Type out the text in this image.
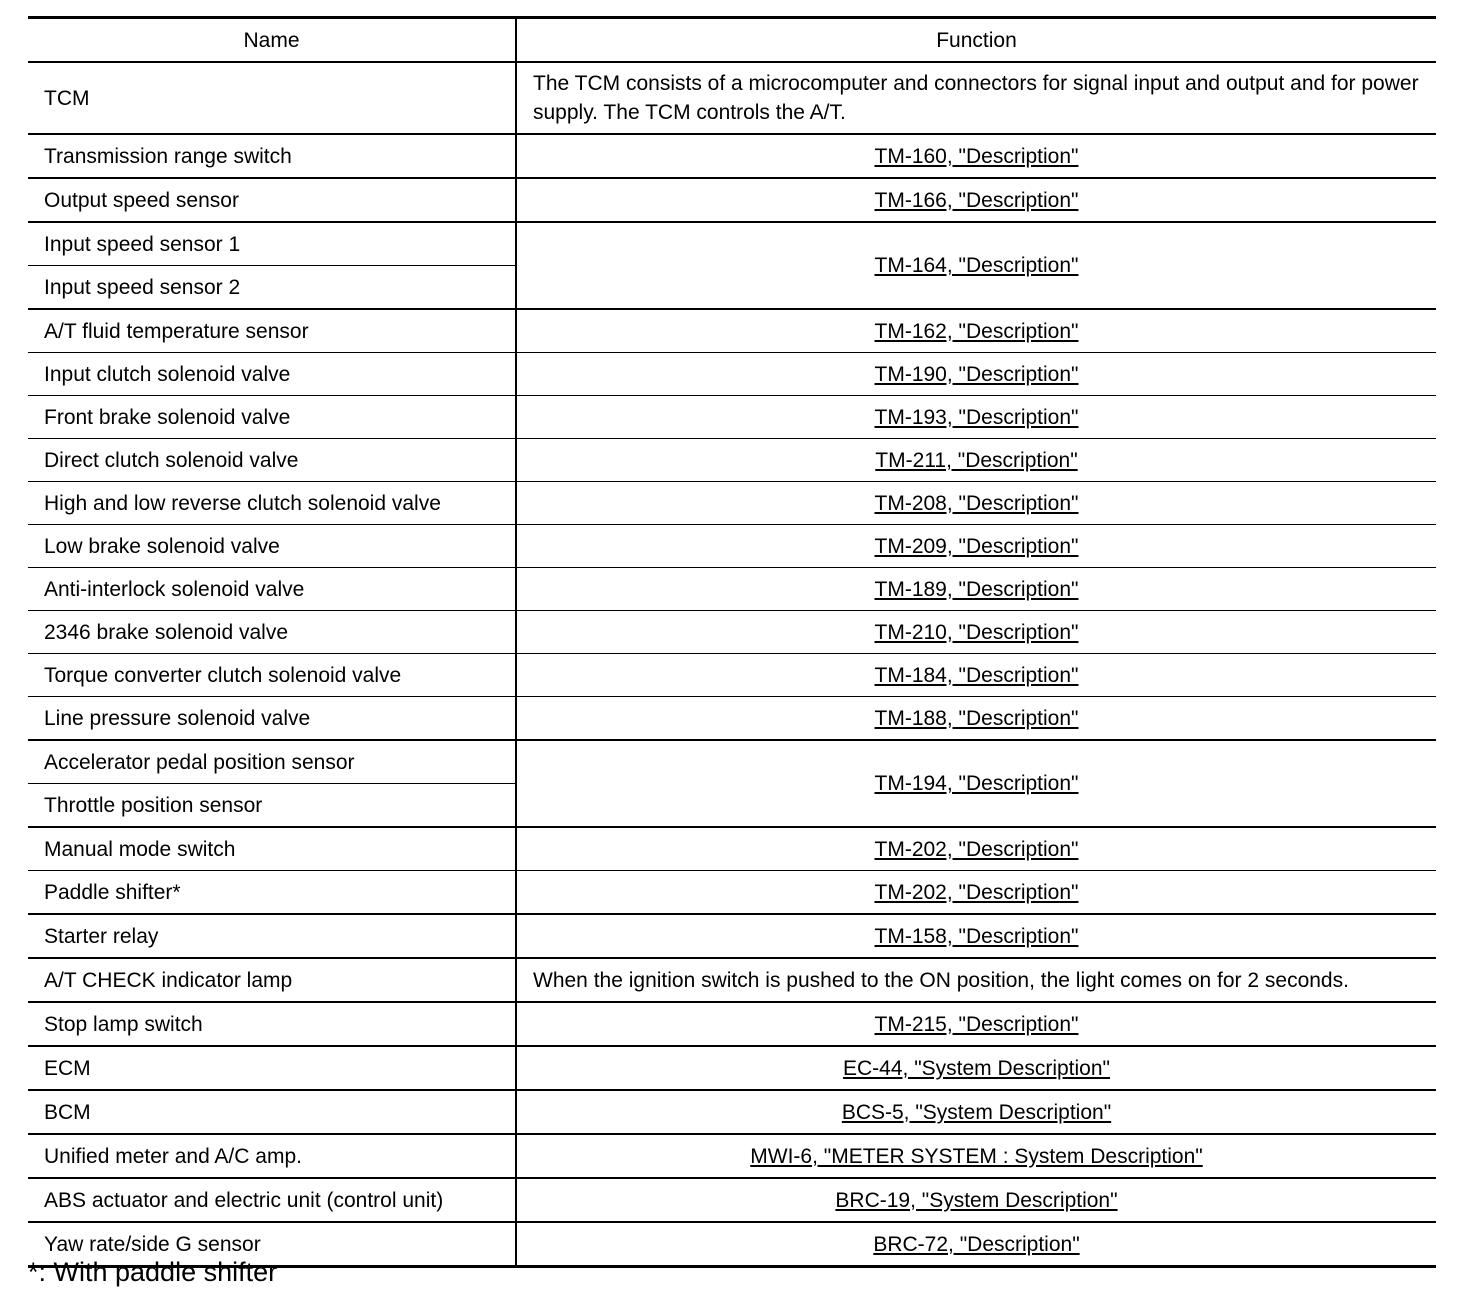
Name	Function
TCM	The TCM consists of a microcomputer and connectors for signal input and output and for power supply. The TCM controls the A/T.
Transmission range switch	TM-160, "Description"
Output speed sensor	TM-166, "Description"
Input speed sensor 1	TM-164, "Description"
Input speed sensor 2	
A/T fluid temperature sensor	TM-162, "Description"
Input clutch solenoid valve	TM-190, "Description"
Front brake solenoid valve	TM-193, "Description"
Direct clutch solenoid valve	TM-211, "Description"
High and low reverse clutch solenoid valve	TM-208, "Description"
Low brake solenoid valve	TM-209, "Description"
Anti-interlock solenoid valve	TM-189, "Description"
2346 brake solenoid valve	TM-210, "Description"
Torque converter clutch solenoid valve	TM-184, "Description"
Line pressure solenoid valve	TM-188, "Description"
Accelerator pedal position sensor	TM-194, "Description"
Throttle position sensor	
Manual mode switch	TM-202, "Description"
Paddle shifter*	TM-202, "Description"
Starter relay	TM-158, "Description"
A/T CHECK indicator lamp	When the ignition switch is pushed to the ON position, the light comes on for 2 seconds.
Stop lamp switch	TM-215, "Description"
ECM	EC-44, "System Description"
BCM	BCS-5, "System Description"
Unified meter and A/C amp.	MWI-6, "METER SYSTEM : System Description"
ABS actuator and electric unit (control unit)	BRC-19, "System Description"
Yaw rate/side G sensor	BRC-72, "Description"
*: With paddle shifter
